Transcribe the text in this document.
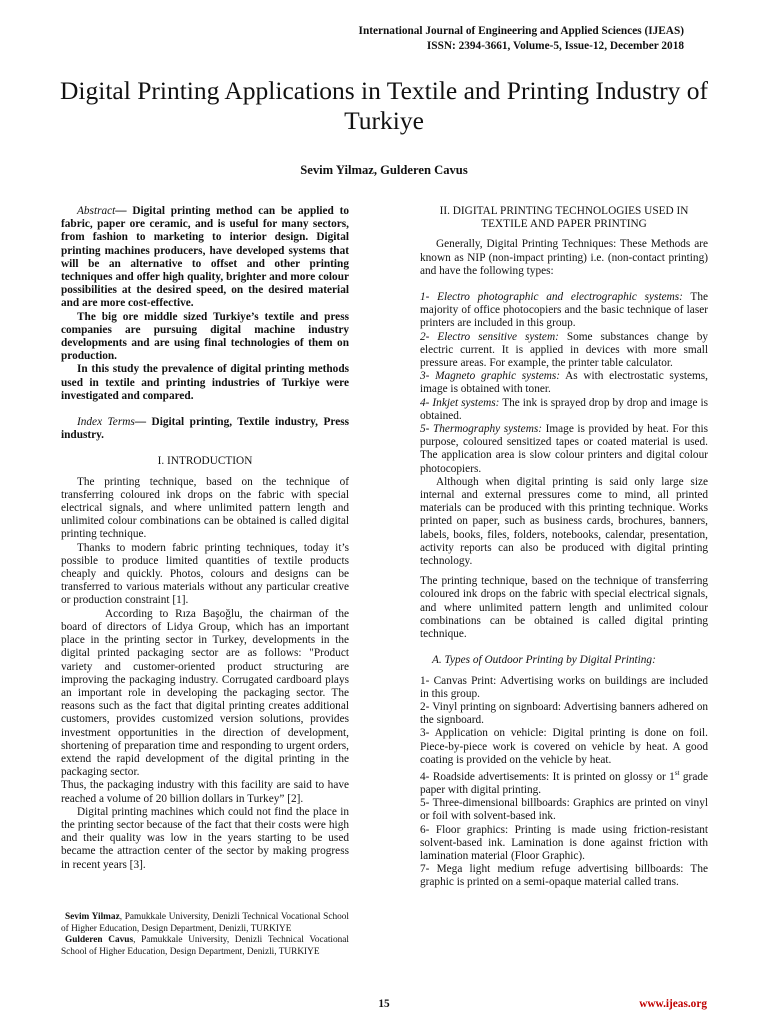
International Journal of Engineering and Applied Sciences (IJEAS)
ISSN: 2394-3661, Volume-5, Issue-12, December 2018
Digital Printing Applications in Textile and Printing Industry of Turkiye
Sevim Yilmaz, Gulderen Cavus

Abstract— Digital printing method can be applied to fabric, paper ore ceramic, and is useful for many sectors, from fashion to marketing to interior design. Digital printing machines producers, have developed systems that will be an alternative to offset and other printing techniques and offer high quality, brighter and more colour possibilities at the desired speed, on the desired material and are more cost-effective.

The big ore middle sized Turkiye’s textile and press companies are pursuing digital machine industry developments and are using final technologies of them on production.

In this study the prevalence of digital printing methods used in textile and printing industries of Turkiye were investigated and compared.

Index Terms— Digital printing, Textile industry, Press industry.

I. INTRODUCTION

The printing technique, based on the technique of transferring coloured ink drops on the fabric with special electrical signals, and where unlimited pattern length and unlimited colour combinations can be obtained is called digital printing technique.

Thanks to modern fabric printing techniques, today it’s possible to produce limited quantities of textile products cheaply and quickly. Photos, colours and designs can be transferred to various materials without any particular creative or production constraint [1].

According to Rıza Başoğlu, the chairman of the board of directors of Lidya Group, which has an important place in the printing sector in Turkey, developments in the digital printed packaging sector are as follows: "Product variety and customer-oriented product structuring are improving the packaging industry. Corrugated cardboard plays an important role in developing the packaging sector. The reasons such as the fact that digital printing creates additional customers, provides customized version solutions, provides investment opportunities in the direction of development, shortening of preparation time and responding to urgent orders, extend the rapid development of the digital printing in the packaging sector.

Thus, the packaging industry with this facility are said to have reached a volume of 20 billion dollars in Turkey” [2].

Digital printing machines which could not find the place in the printing sector because of the fact that their costs were high and their quality was low in the years starting to be used became the attraction center of the sector by making progress in recent years [3].

Sevim Yilmaz, Pamukkale University, Denizli Technical Vocational School of Higher Education, Design Department, Denizli, TURKIYE

Gulderen Cavus, Pamukkale University, Denizli Technical Vocational School of Higher Education, Design Department, Denizli, TURKIYE

II. DIGITAL PRINTING TECHNOLOGIES USED IN
TEXTILE AND PAPER PRINTING

Generally, Digital Printing Techniques: These Methods are known as NIP (non-impact printing) i.e. (non-contact printing) and have the following types:

1- Electro photographic and electrographic systems: The majority of office photocopiers and the basic technique of laser printers are included in this group.

2- Electro sensitive system: Some substances change by electric current. It is applied in devices with more small pressure areas. For example, the printer table calculator.

3- Magneto graphic systems: As with electrostatic systems, image is obtained with toner.

4- Inkjet systems: The ink is sprayed drop by drop and image is obtained.

5- Thermography systems: Image is provided by heat. For this purpose, coloured sensitized tapes or coated material is used. The application area is slow colour printers and digital colour photocopiers.

Although when digital printing is said only large size internal and external pressures come to mind, all printed materials can be produced with this printing technique. Works printed on paper, such as business cards, brochures, banners, labels, books, files, folders, notebooks, calendar, presentation, activity reports can also be produced with digital printing technology.

The printing technique, based on the technique of transferring coloured ink drops on the fabric with special electrical signals, and where unlimited pattern length and unlimited colour combinations can be obtained is called digital printing technique.

A. Types of Outdoor Printing by Digital Printing:

1- Canvas Print: Advertising works on buildings are included in this group.

2- Vinyl printing on signboard: Advertising banners adhered on the signboard.

3- Application on vehicle: Digital printing is done on foil. Piece-by-piece work is covered on vehicle by heat. A good coating is provided on the vehicle by heat.

4- Roadside advertisements: It is printed on glossy or 1st grade paper with digital printing.

5- Three-dimensional billboards: Graphics are printed on vinyl or foil with solvent-based ink.

6- Floor graphics: Printing is made using friction-resistant solvent-based ink. Lamination is done against friction with lamination material (Floor Graphic).

7- Mega light medium refuge advertising billboards: The graphic is printed on a semi-opaque material called trans.

15	www.ijeas.org
